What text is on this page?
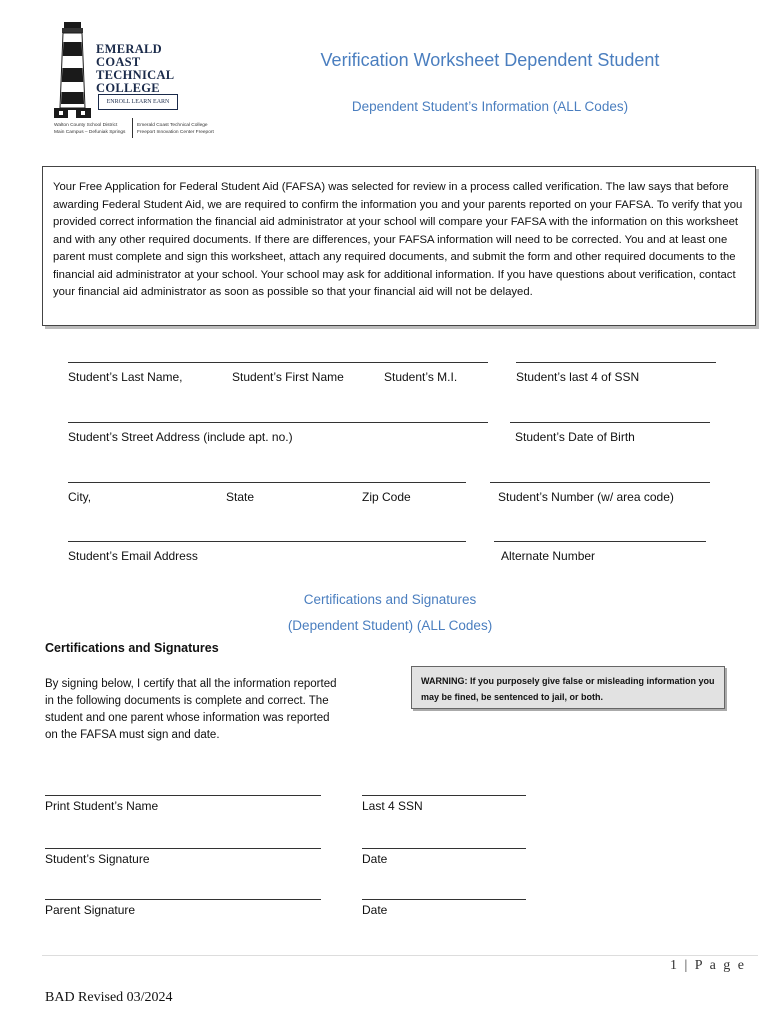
EMERALD
COAST
TECHNICAL
COLLEGE
ENROLL LEARN EARN
Walton County School District
Main Campus – Defuniak Springs
Emerald Coast Technical College
Freeport Innovation Center Freeport
Verification Worksheet Dependent Student
Dependent Student’s Information (ALL Codes)
Your Free Application for Federal Student Aid (FAFSA) was selected for review in a process called verification. The law says that before awarding Federal Student Aid, we are required to confirm the information you and your parents reported on your FAFSA. To verify that you provided correct information the financial aid administrator at your school will compare your FAFSA with the information on this worksheet and with any other required documents. If there are differences, your FAFSA information will need to be corrected. You and at least one parent must complete and sign this worksheet, attach any required documents, and submit the form and other required documents to the financial aid administrator at your school. Your school may ask for additional information. If you have questions about verification, contact your financial aid administrator as soon as possible so that your financial aid will not be delayed.
Student’s Last Name,	Student’s First Name	Student’s M.I.	Student’s last 4 of SSN
Student’s Street Address (include apt. no.)	Student’s Date of Birth
City,	State	Zip Code	Student’s Number (w/ area code)
Student’s Email Address	Alternate Number
Certifications and Signatures
(Dependent Student) (ALL Codes)
Certifications and Signatures
By signing below, I certify that all the information reported in the following documents is complete and correct. The student and one parent whose information was reported on the FAFSA must sign and date.
WARNING: If you purposely give false or misleading information you may be fined, be sentenced to jail, or both.
Print Student’s Name	Last 4 SSN
Student’s Signature	Date
Parent Signature	Date
1 | P a g e
BAD Revised 03/2024
